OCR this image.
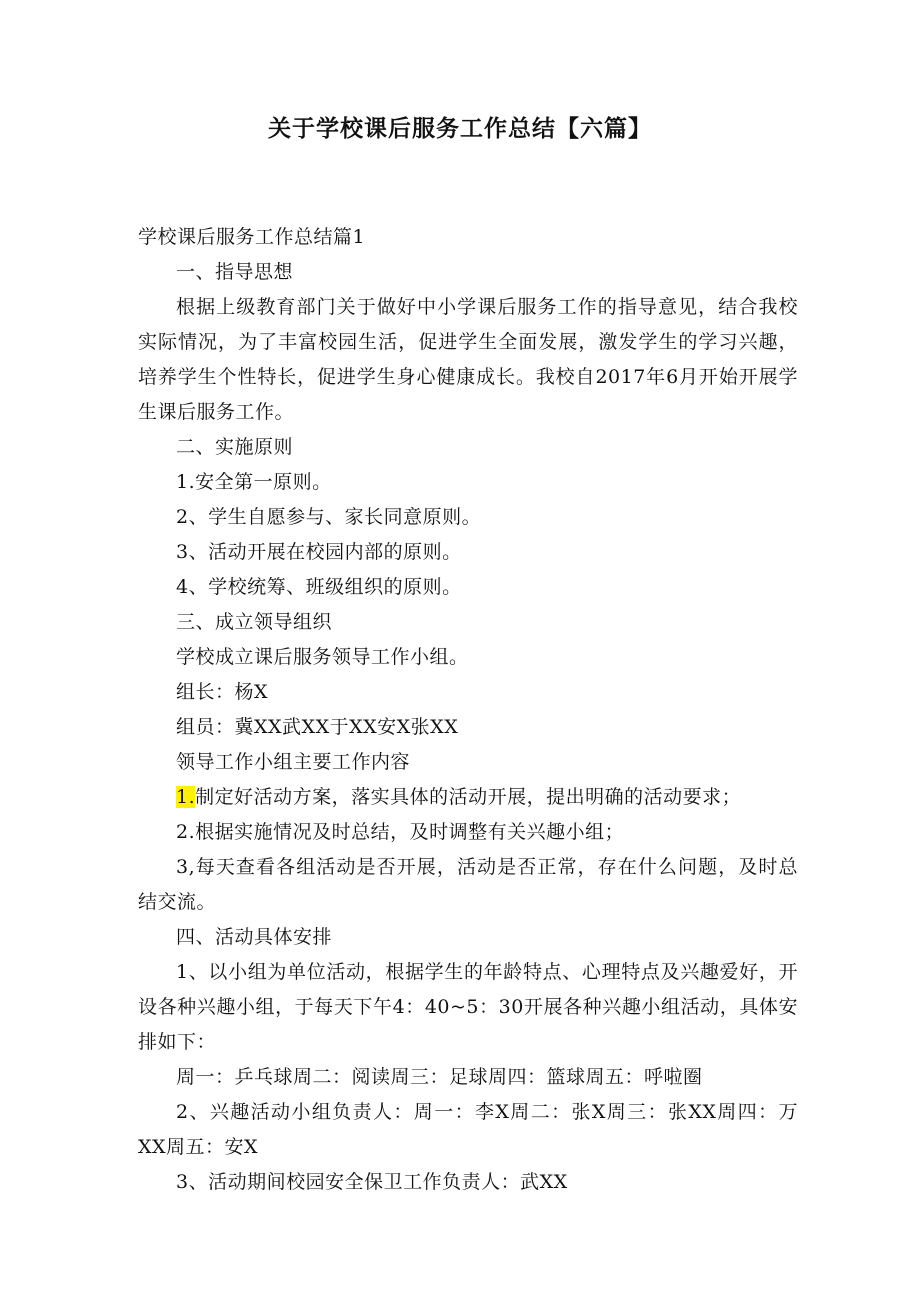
关于学校课后服务工作总结【六篇】

学校课后服务工作总结篇1

一、指导思想

根据上级教育部门关于做好中小学课后服务工作的指导意见，结合我校实际情况，为了丰富校园生活，促进学生全面发展，激发学生的学习兴趣，培养学生个性特长，促进学生身心健康成长。我校自2017年6月开始开展学生课后服务工作。

二、实施原则

1.安全第一原则。

2、学生自愿参与、家长同意原则。

3、活动开展在校园内部的原则。

4、学校统筹、班级组织的原则。

三、成立领导组织

学校成立课后服务领导工作小组。

组长：杨X

组员：冀XX武XX于XX安X张XX

领导工作小组主要工作内容

1.制定好活动方案，落实具体的活动开展，提出明确的活动要求；

2.根据实施情况及时总结，及时调整有关兴趣小组；

3,每天查看各组活动是否开展，活动是否正常，存在什么问题，及时总结交流。

四、活动具体安排

1、以小组为单位活动，根据学生的年龄特点、心理特点及兴趣爱好，开设各种兴趣小组，于每天下午4：40~5：30开展各种兴趣小组活动，具体安排如下：

周一：乒乓球周二：阅读周三：足球周四：篮球周五：呼啦圈

2、兴趣活动小组负责人：周一：李X周二：张X周三：张XX周四：万XX周五：安X

3、活动期间校园安全保卫工作负责人：武XX
